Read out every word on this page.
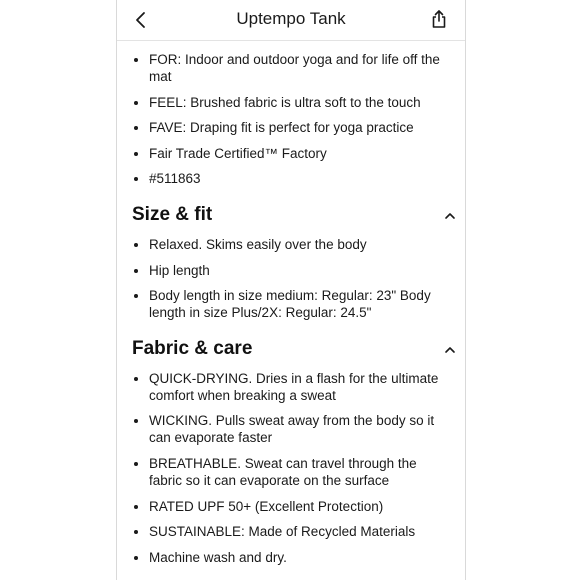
Uptempo Tank
FOR: Indoor and outdoor yoga and for life off the mat
FEEL: Brushed fabric is ultra soft to the touch
FAVE: Draping fit is perfect for yoga practice
Fair Trade Certified™ Factory
#511863
Size & fit
Relaxed. Skims easily over the body
Hip length
Body length in size medium: Regular: 23" Body length in size Plus/2X: Regular: 24.5"
Fabric & care
QUICK-DRYING. Dries in a flash for the ultimate comfort when breaking a sweat
WICKING. Pulls sweat away from the body so it can evaporate faster
BREATHABLE. Sweat can travel through the fabric so it can evaporate on the surface
RATED UPF 50+ (Excellent Protection)
SUSTAINABLE: Made of Recycled Materials
Machine wash and dry.
